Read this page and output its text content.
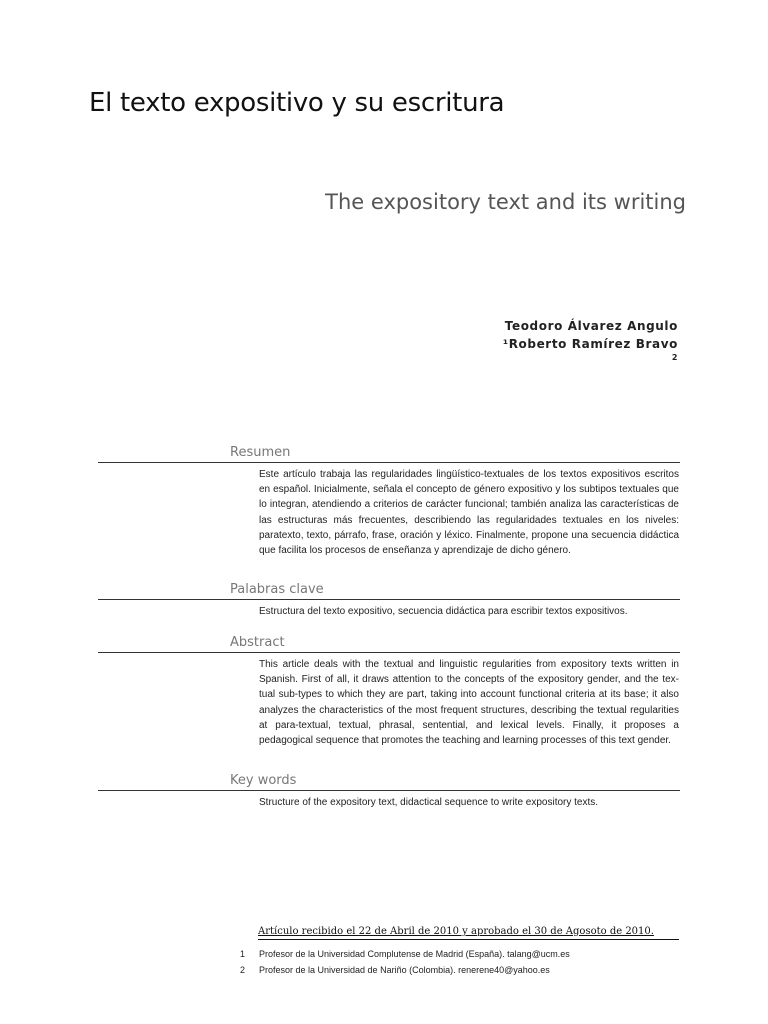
El texto expositivo y su escritura
The expository text and its writing
Teodoro Álvarez Angulo
¹Roberto Ramírez Bravo
2
Resumen
Este artículo trabaja las regularidades lingüístico-textuales de los textos expositivos escritos en español. Inicialmente, señala el concepto de género expositivo y los subtipos textuales que lo integran, atendiendo a criterios de carácter funcional; también analiza las características de las estructuras más frecuentes, describiendo las regularidades textuales en los niveles: paratexto, texto, párrafo, frase, oración y léxico. Finalmente, propone una secuencia didáctica que facilita los procesos de enseñanza y aprendizaje de dicho género.
Palabras clave
Estructura del texto expositivo, secuencia didáctica para escribir textos expositivos.
Abstract
This article deals with the textual and linguistic regularities from expository texts written in Spanish. First of all, it draws attention to the concepts of the expository gender, and the tex-tual sub-types to which they are part, taking into account functional criteria at its base; it also analyzes the characteristics of the most frequent structures, describing the textual regularities at para-textual, textual, phrasal, sentential, and lexical levels. Finally, it proposes a pedagogical sequence that promotes the teaching and learning processes of this text gender.
Key words
Structure of the expository text, didactical sequence to write expository texts.
Artículo recibido el 22 de Abril de 2010 y aprobado el 30 de Agosoto de 2010.
1	Profesor de la Universidad Complutense de Madrid (España). talang@ucm.es
2	Profesor de la Universidad de Nariño (Colombia). renerene40@yahoo.es
